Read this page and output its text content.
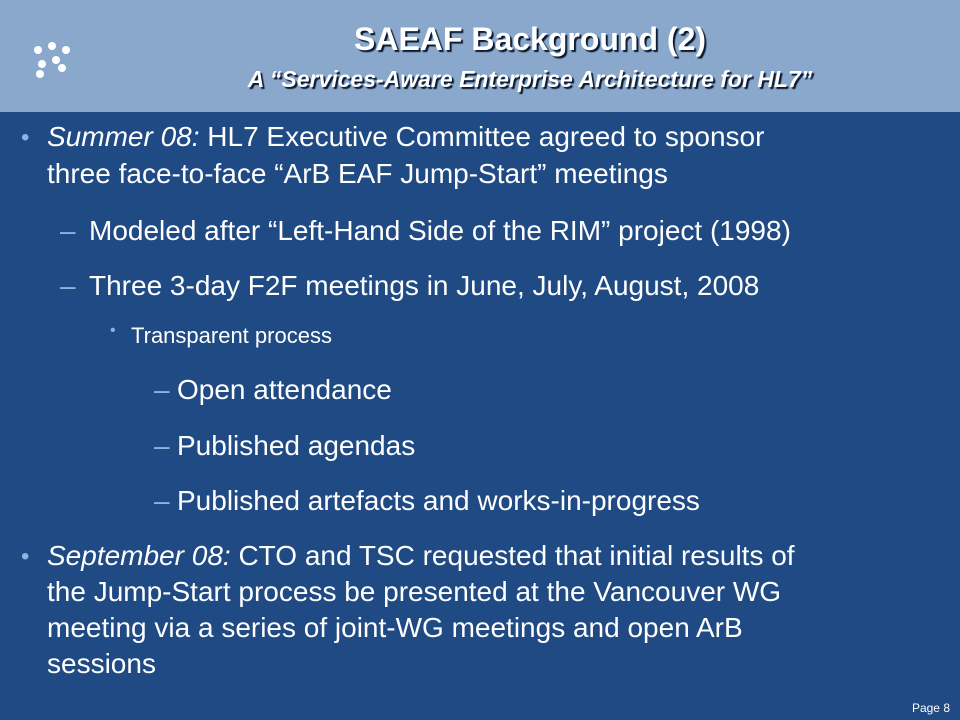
SAEAF Background (2)
A “Services-Aware Enterprise Architecture for HL7”
• Summer 08: HL7 Executive Committee agreed to sponsor
three face-to-face “ArB EAF Jump-Start” meetings
– Modeled after “Left-Hand Side of the RIM” project (1998)
– Three 3-day F2F meetings in June, July, August, 2008
• Transparent process
– Open attendance
– Published agendas
– Published artefacts and works-in-progress
• September 08: CTO and TSC requested that initial results of
the Jump-Start process be presented at the Vancouver WG
meeting via a series of joint-WG meetings and open ArB
sessions
Page 8
